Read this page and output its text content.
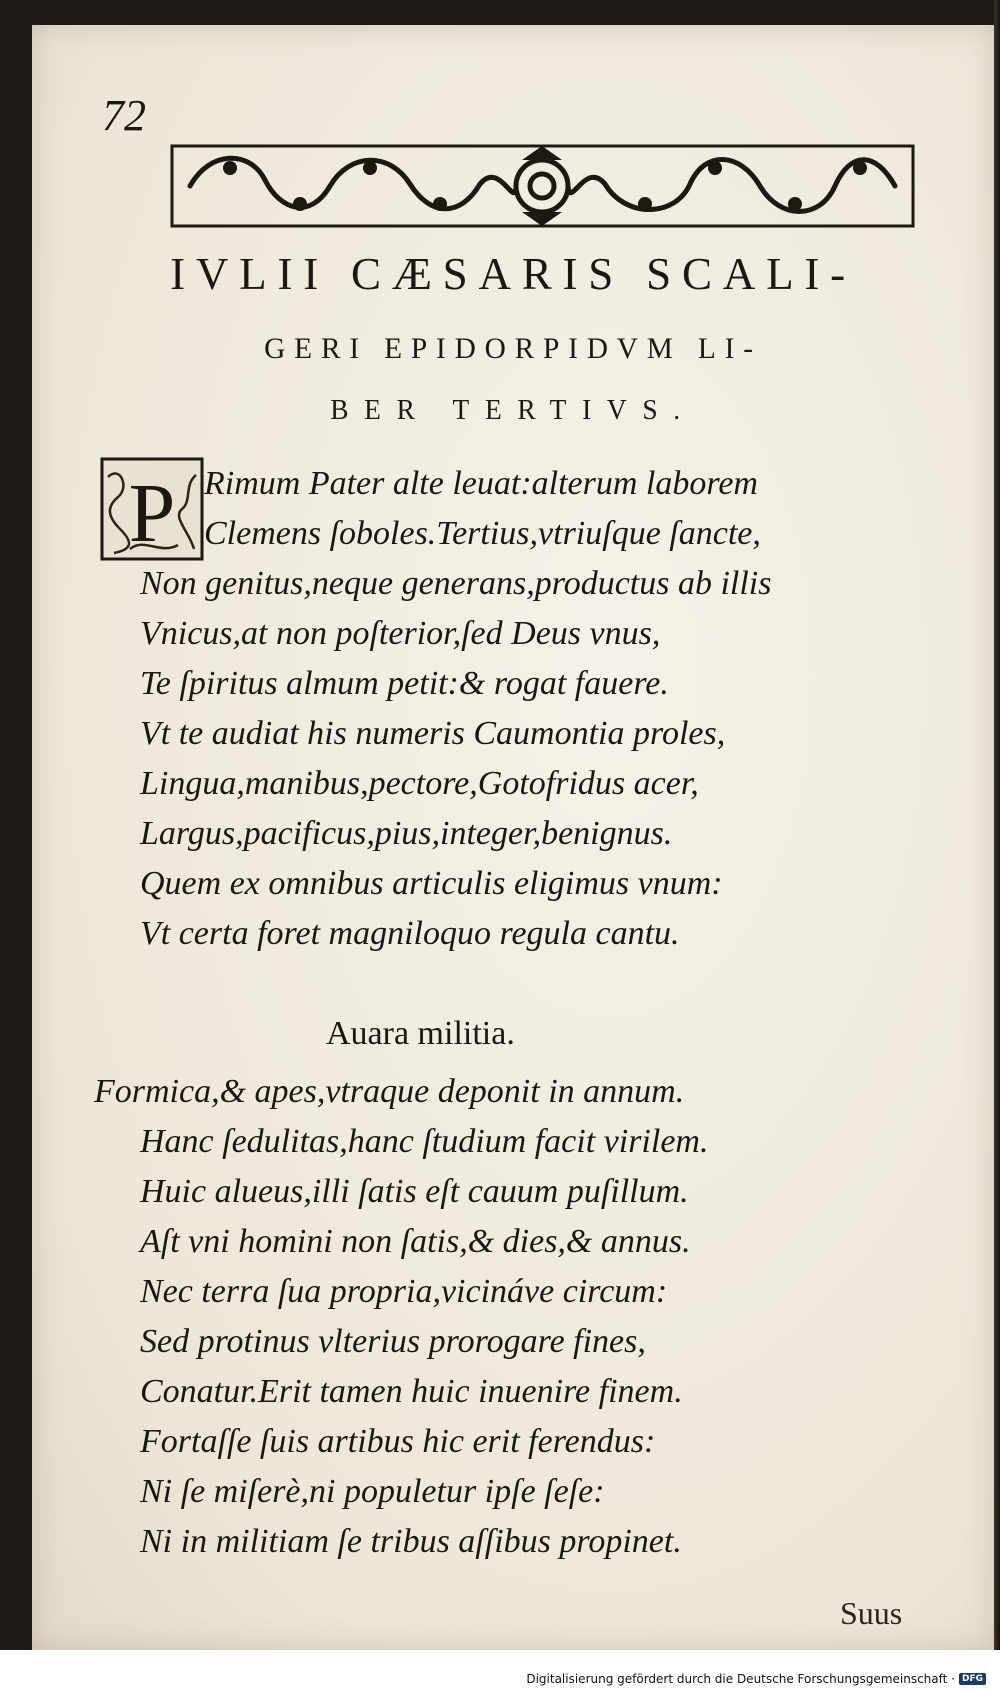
72
IVLII CÆSARIS SCALI-
GERI EPIDORPIDVM LI-
BER TERTIVS.
P Rimum Pater alte leuat:alterum laborem

Clemens ſoboles.Tertius,vtriuſque ſancte,

Non genitus,neque generans,productus ab illis

Vnicus,at non poſterior,ſed Deus vnus,

Te ſpiritus almum petit:& rogat fauere.

Vt te audiat his numeris Caumontia proles,

Lingua,manibus,pectore,Gotofridus acer,

Largus,pacificus,pius,integer,benignus.

Quem ex omnibus articulis eligimus vnum:

Vt certa foret magniloquo regula cantu.

Auara militia.

Formica,& apes,vtraque deponit in annum.

Hanc ſedulitas,hanc ſtudium facit virilem.

Huic alueus,illi ſatis eſt cauum puſillum.

Aſt vni homini non ſatis,& dies,& annus.

Nec terra ſua propria,vicináve circum:

Sed protinus vlterius prorogare fines,

Conatur.Erit tamen huic inuenire finem.

Fortaſſe ſuis artibus hic erit ferendus:

Ni ſe miſerè,ni populetur ipſe ſeſe:

Ni in militiam ſe tribus aſſibus propinet.

Suus
Digitalisierung gefördert durch die Deutsche Forschungsgemeinschaft · DFG
